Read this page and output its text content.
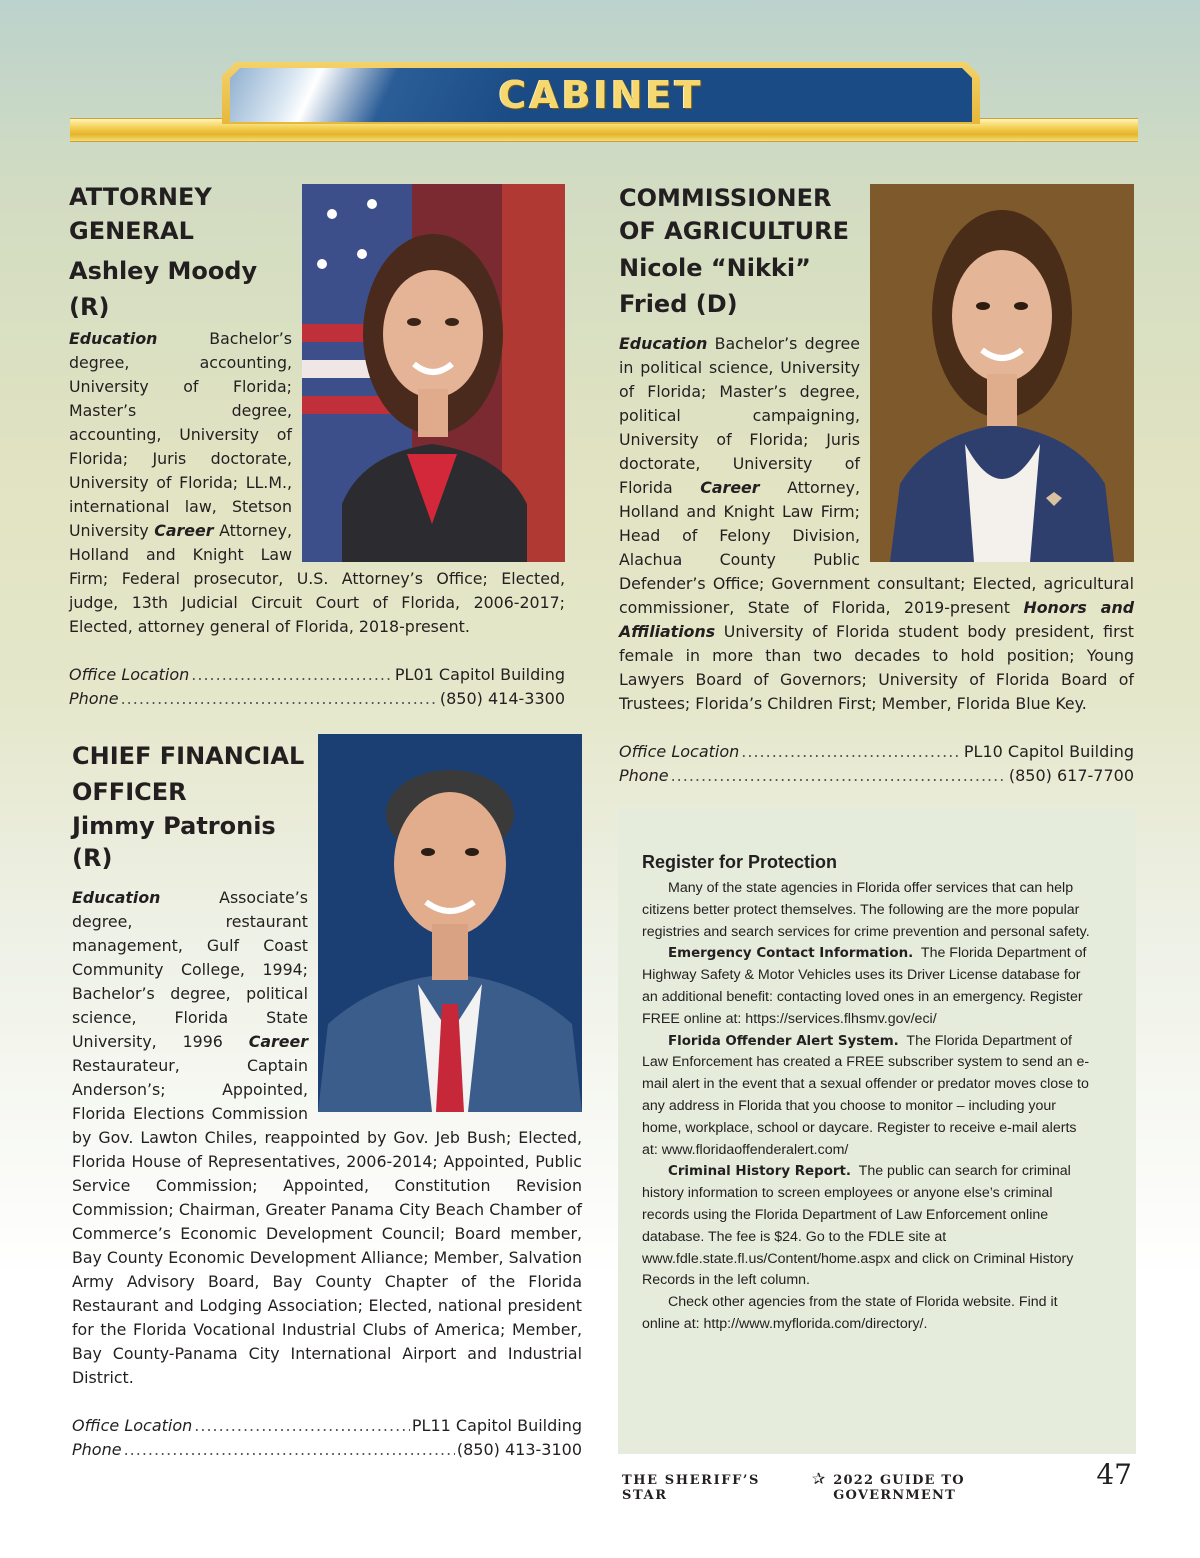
CABINET
ATTORNEY
GENERAL
Ashley Moody (R)

Education Bachelor’s degree, accounting, University of Florida; Master’s degree, accounting, University of Florida; Juris doctorate, University of Florida; LL.M., international law, Stetson University Career Attorney, Holland and Knight Law Firm; Federal prosecutor, U.S. Attorney’s Office; Elected, judge, 13th Judicial Circuit Court of Florida, 2006-2017; Elected, attorney general of Florida, 2018-present.

Office Location .....	PL01 Capitol Building
Phone .....	(850) 414-3300
COMMISSIONER
OF AGRICULTURE
Nicole “Nikki”
Fried (D)

Education Bachelor’s degree in political science, University of Florida; Master’s degree, political campaigning, University of Florida; Juris doctorate, University of Florida Career Attorney, Holland and Knight Law Firm; Head of Felony Division, Alachua County Public Defender’s Office; Government consultant; Elected, agricultural commissioner, State of Florida, 2019-present Honors and Affiliations University of Florida student body president, first female in more than two decades to hold position; Young Lawyers Board of Governors; University of Florida Board of Trustees; Florida’s Children First; Member, Florida Blue Key.

Office Location .....	PL10 Capitol Building
Phone .....	(850) 617-7700
CHIEF FINANCIAL
OFFICER
Jimmy Patronis (R)

Education Associate’s degree, restaurant management, Gulf Coast Community College, 1994; Bachelor’s degree, political science, Florida State University, 1996 Career Restaurateur, Captain Anderson’s; Appointed, Florida Elections Commission by Gov. Lawton Chiles, reappointed by Gov. Jeb Bush; Elected, Florida House of Representatives, 2006-2014; Appointed, Public Service Commission; Appointed, Constitution Revision Commission; Chairman, Greater Panama City Beach Chamber of Commerce’s Economic Development Council; Board member, Bay County Economic Development Alliance; Member, Salvation Army Advisory Board, Bay County Chapter of the Florida Restaurant and Lodging Association; Elected, national president for the Florida Vocational Industrial Clubs of America; Member, Bay County-Panama City International Airport and Industrial District.

Office Location .....	PL11 Capitol Building
Phone .....	(850) 413-3100
Register for Protection

Many of the state agencies in Florida offer services that can help citizens better protect themselves. The following are the more popular registries and search services for crime prevention and personal safety.

Emergency Contact Information. The Florida Department of Highway Safety & Motor Vehicles uses its Driver License database for an additional benefit: contacting loved ones in an emergency. Register FREE online at: https://services.flhsmv.gov/eci/

Florida Offender Alert System. The Florida Department of Law Enforcement has created a FREE subscriber system to send an e-mail alert in the event that a sexual offender or predator moves close to any address in Florida that you choose to monitor – including your home, workplace, school or daycare. Register to receive e-mail alerts at: www.floridaoffenderalert.com/

Criminal History Report. The public can search for criminal history information to screen employees or anyone else’s criminal records using the Florida Department of Law Enforcement online database. The fee is $24. Go to the FDLE site at www.fdle.state.fl.us/Content/home.aspx and click on Criminal History Records in the left column.

Check other agencies from the state of Florida website. Find it online at: http://www.myflorida.com/directory/.

THE SHERIFF’S STAR
✰ 2022 GUIDE TO GOVERNMENT
47
